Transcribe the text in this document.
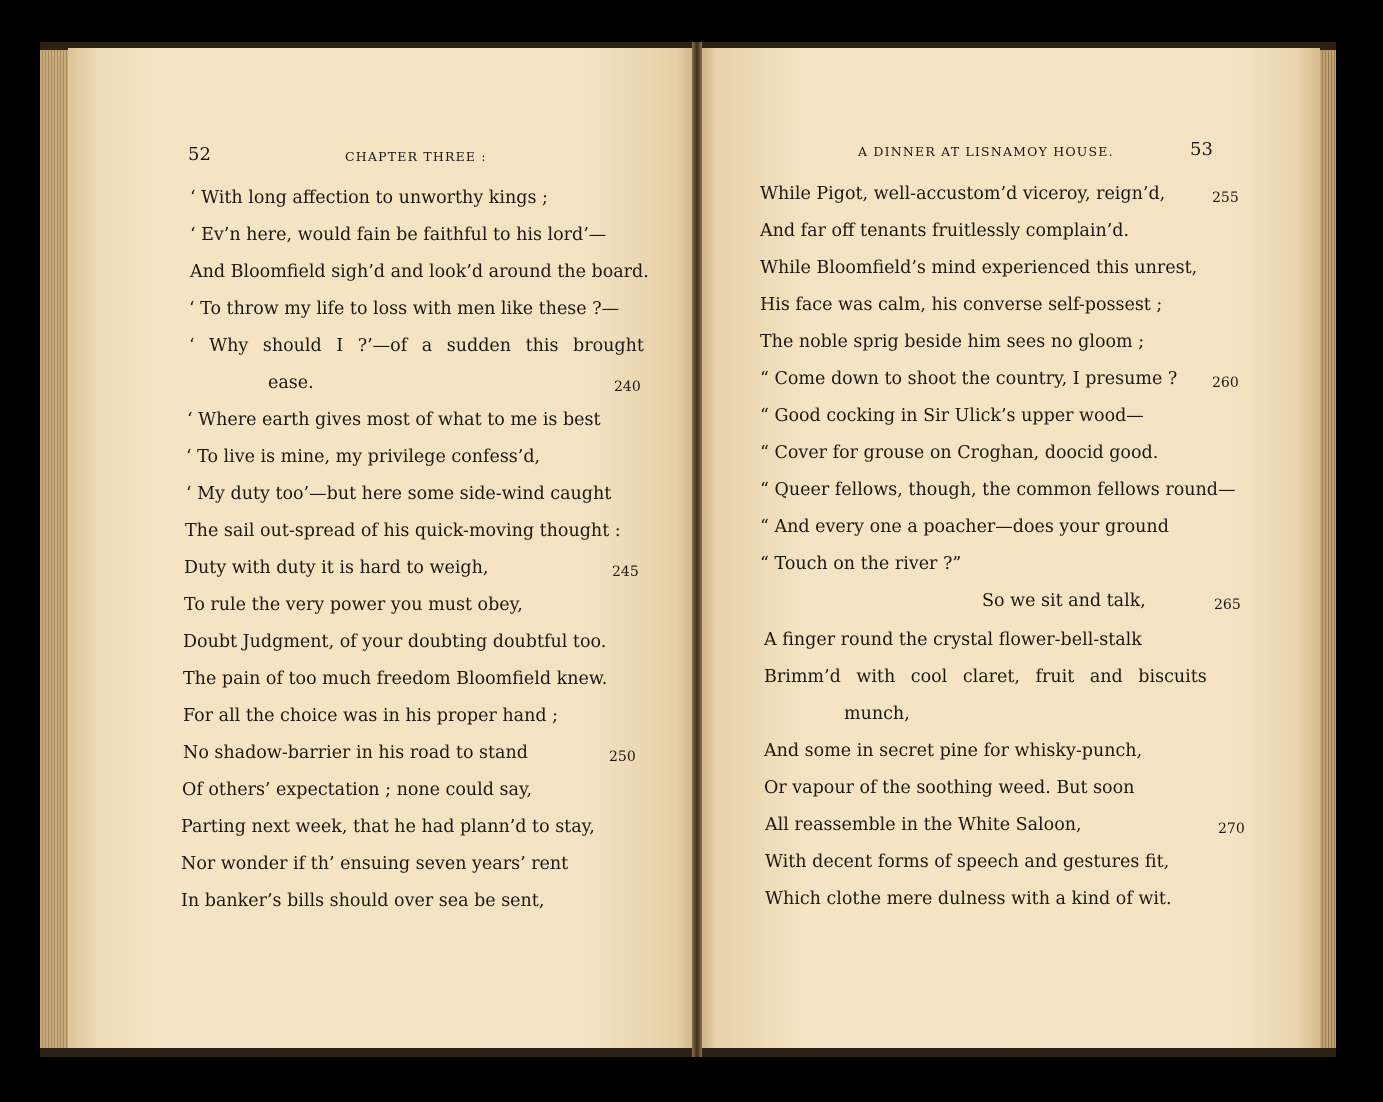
52	CHAPTER THREE :
‘ With long affection to unworthy kings ;
‘ Ev’n here, would fain be faithful to his lord’—
And Bloomfield sigh’d and look’d around the board.
‘ To throw my life to loss with men like these ?—
‘ Why should I ?’—of a sudden this brought
ease.	240
‘ Where earth gives most of what to me is best
‘ To live is mine, my privilege confess’d,
‘ My duty too’—but here some side-wind caught
The sail out-spread of his quick-moving thought :
Duty with duty it is hard to weigh,	245
To rule the very power you must obey,
Doubt Judgment, of your doubting doubtful too.
The pain of too much freedom Bloomfield knew.
For all the choice was in his proper hand ;
No shadow-barrier in his road to stand	250
Of others’ expectation ; none could say,
Parting next week, that he had plann’d to stay,
Nor wonder if th’ ensuing seven years’ rent
In banker’s bills should over sea be sent,
A DINNER AT LISNAMOY HOUSE.	53
While Pigot, well-accustom’d viceroy, reign’d,	255
And far off tenants fruitlessly complain’d.
While Bloomfield’s mind experienced this unrest,
His face was calm, his converse self-possest ;
The noble sprig beside him sees no gloom ;
“ Come down to shoot the country, I presume ? 260
“ Good cocking in Sir Ulick’s upper wood—
“ Cover for grouse on Croghan, doocid good.
“ Queer fellows, though, the common fellows round—
“ And every one a poacher—does your ground
“ Touch on the river ?”
So we sit and talk,	265
A finger round the crystal flower-bell-stalk
Brimm’d with cool claret, fruit and biscuits
munch,
And some in secret pine for whisky-punch,
Or vapour of the soothing weed. But soon
All reassemble in the White Saloon,	270
With decent forms of speech and gestures fit,
Which clothe mere dulness with a kind of wit.
